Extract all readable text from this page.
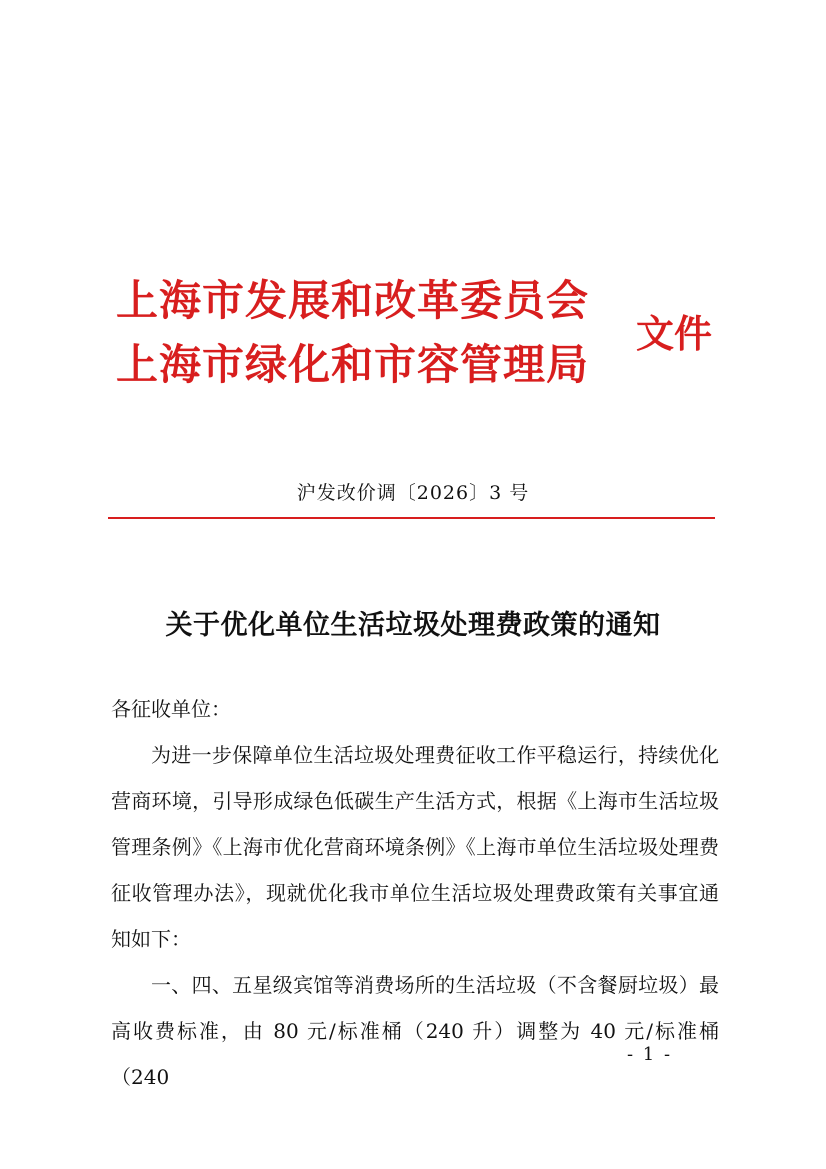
上海市发展和改革委员会
上海市绿化和市容管理局
文件
沪发改价调〔2026〕3 号
关于优化单位生活垃圾处理费政策的通知

各征收单位：

为进一步保障单位生活垃圾处理费征收工作平稳运行，持续优化营商环境，引导形成绿色低碳生产生活方式，根据《上海市生活垃圾管理条例》《上海市优化营商环境条例》《上海市单位生活垃圾处理费征收管理办法》，现就优化我市单位生活垃圾处理费政策有关事宜通知如下：

一、四、五星级宾馆等消费场所的生活垃圾（不含餐厨垃圾）最高收费标准，由 80 元/标准桶（240 升）调整为 40 元/标准桶（240

- 1 -
